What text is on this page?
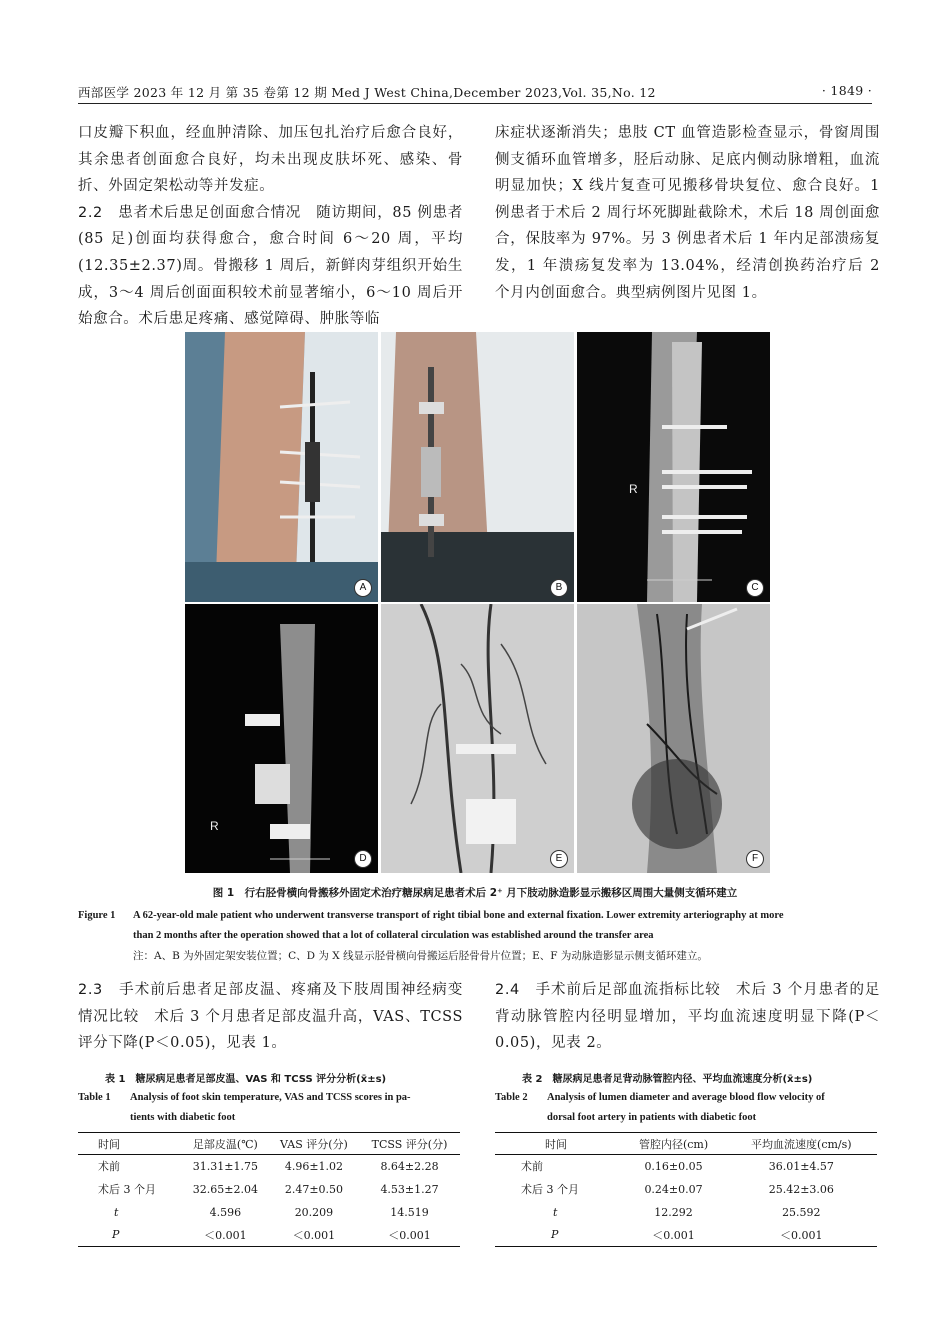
西部医学 2023 年 12 月 第 35 卷第 12 期 Med J West China,December 2023,Vol. 35,No. 12	· 1849 ·

口皮瓣下积血，经血肿清除、加压包扎治疗后愈合良好，其余患者创面愈合良好，均未出现皮肤坏死、感染、骨折、外固定架松动等并发症。

2.2　患者术后患足创面愈合情况　随访期间，85 例患者(85 足)创面均获得愈合，愈合时间 6～20 周，平均(12.35±2.37)周。骨搬移 1 周后，新鲜肉芽组织开始生成，3～4 周后创面面积较术前显著缩小，6～10 周后开始愈合。术后患足疼痛、感觉障碍、肿胀等临

床症状逐渐消失；患肢 CT 血管造影检查显示，骨窗周围侧支循环血管增多，胫后动脉、足底内侧动脉增粗，血流明显加快；X 线片复查可见搬移骨块复位、愈合良好。1 例患者于术后 2 周行坏死脚趾截除术，术后 18 周创面愈合，保肢率为 97%。另 3 例患者术后 1 年内足部溃疡复发，1 年溃疡复发率为 13.04%，经清创换药治疗后 2 个月内创面愈合。典型病例图片见图 1。

A	B
R
C
R
D	E	F
图 1　行右胫骨横向骨搬移外固定术治疗糖尿病足患者术后 2⁺ 月下肢动脉造影显示搬移区周围大量侧支循环建立
Figure 1 A 62-year-old male patient who underwent transverse transport of right tibial bone and external fixation. Lower extremity arteriography at more
than 2 months after the operation showed that a lot of collateral circulation was established around the transfer area
注：A、B 为外固定架安装位置；C、D 为 X 线显示胫骨横向骨搬运后胫骨骨片位置；E、F 为动脉造影显示侧支循环建立。

2.3　手术前后患者足部皮温、疼痛及下肢周围神经病变情况比较　术后 3 个月患者足部皮温升高，VAS、TCSS 评分下降(P＜0.05)，见表 1。

2.4　手术前后足部血流指标比较　术后 3 个月患者的足背动脉管腔内径明显增加，平均血流速度明显下降(P＜0.05)，见表 2。

表 1　糖尿病足患者足部皮温、VAS 和 TCSS 评分分析(x̄±s)
Table 1 Analysis of foot skin temperature, VAS and TCSS scores in pa-
tients with diabetic foot
时间	足部皮温(℃)	VAS 评分(分)	TCSS 评分(分)
术前	31.31±1.75	4.96±1.02	8.64±2.28
术后 3 个月	32.65±2.04	2.47±0.50	4.53±1.27
t	4.596	20.209	14.519
P	＜0.001	＜0.001	＜0.001
表 2　糖尿病足患者足背动脉管腔内径、平均血流速度分析(x̄±s)
Table 2 Analysis of lumen diameter and average blood flow velocity of
dorsal foot artery in patients with diabetic foot
时间	管腔内径(cm)	平均血流速度(cm/s)
术前	0.16±0.05	36.01±4.57
术后 3 个月	0.24±0.07	25.42±3.06
t	12.292	25.592
P	＜0.001	＜0.001
